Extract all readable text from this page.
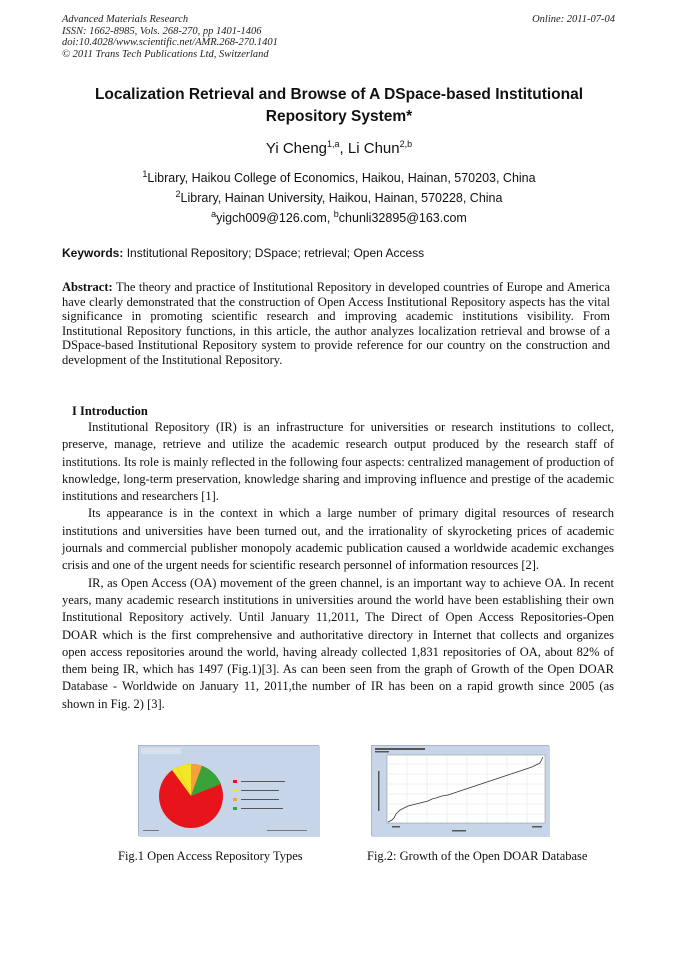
Advanced Materials Research
ISSN: 1662-8985, Vols. 268-270, pp 1401-1406
doi:10.4028/www.scientific.net/AMR.268-270.1401
© 2011 Trans Tech Publications Ltd, Switzerland
Online: 2011-07-04
Localization Retrieval and Browse of A DSpace-based Institutional
Repository System*
Yi Cheng$^{1,a}$, Li Chun$^{2,b}$
$^1$Library, Haikou College of Economics, Haikou, Hainan, 570203, China
$^2$Library, Hainan University, Haikou, Hainan, 570228, China
$^a$yigch009@126.com, $^b$chunli32895@163.com
Keywords: Institutional Repository; DSpace; retrieval; Open Access
Abstract: The theory and practice of Institutional Repository in developed countries of Europe and America have clearly demonstrated that the construction of Open Access Institutional Repository aspects has the vital significance in promoting scientific research and improving academic institutions visibility. From Institutional Repository functions, in this article, the author analyzes localization retrieval and browse of a DSpace-based Institutional Repository system to provide reference for our country on the construction and development of the Institutional Repository.
I Introduction

Institutional Repository (IR) is an infrastructure for universities or research institutions to collect, preserve, manage, retrieve and utilize the academic research output produced by the research staff of institutions. Its role is mainly reflected in the following four aspects: centralized management of production of knowledge, long-term preservation, knowledge sharing and improving influence and prestige of the academic institutions and researchers [1].

Its appearance is in the context in which a large number of primary digital resources of research institutions and universities have been turned out, and the irrationality of skyrocketing prices of academic journals and commercial publisher monopoly academic publication caused a worldwide academic exchanges crisis and one of the urgent needs for scientific research personnel of information resources [2].

IR, as Open Access (OA) movement of the green channel, is an important way to achieve OA. In recent years, many academic research institutions in universities around the world have been establishing their own Institutional Repository actively. Until January 11,2011, The Direct of Open Access Repositories-Open DOAR which is the first comprehensive and authoritative directory in Internet that collects and organizes open access repositories around the world, having already collected 1,831 repositories of OA, about 82% of them being IR, which has 1497 (Fig.1)[3]. As can been seen from the graph of Growth of the Open DOAR Database - Worldwide on January 11, 2011,the number of IR has been on a rapid growth since 2005 (as shown in Fig. 2) [3].

Fig.1 Open Access Repository Types	Fig.2: Growth of the Open DOAR Database
